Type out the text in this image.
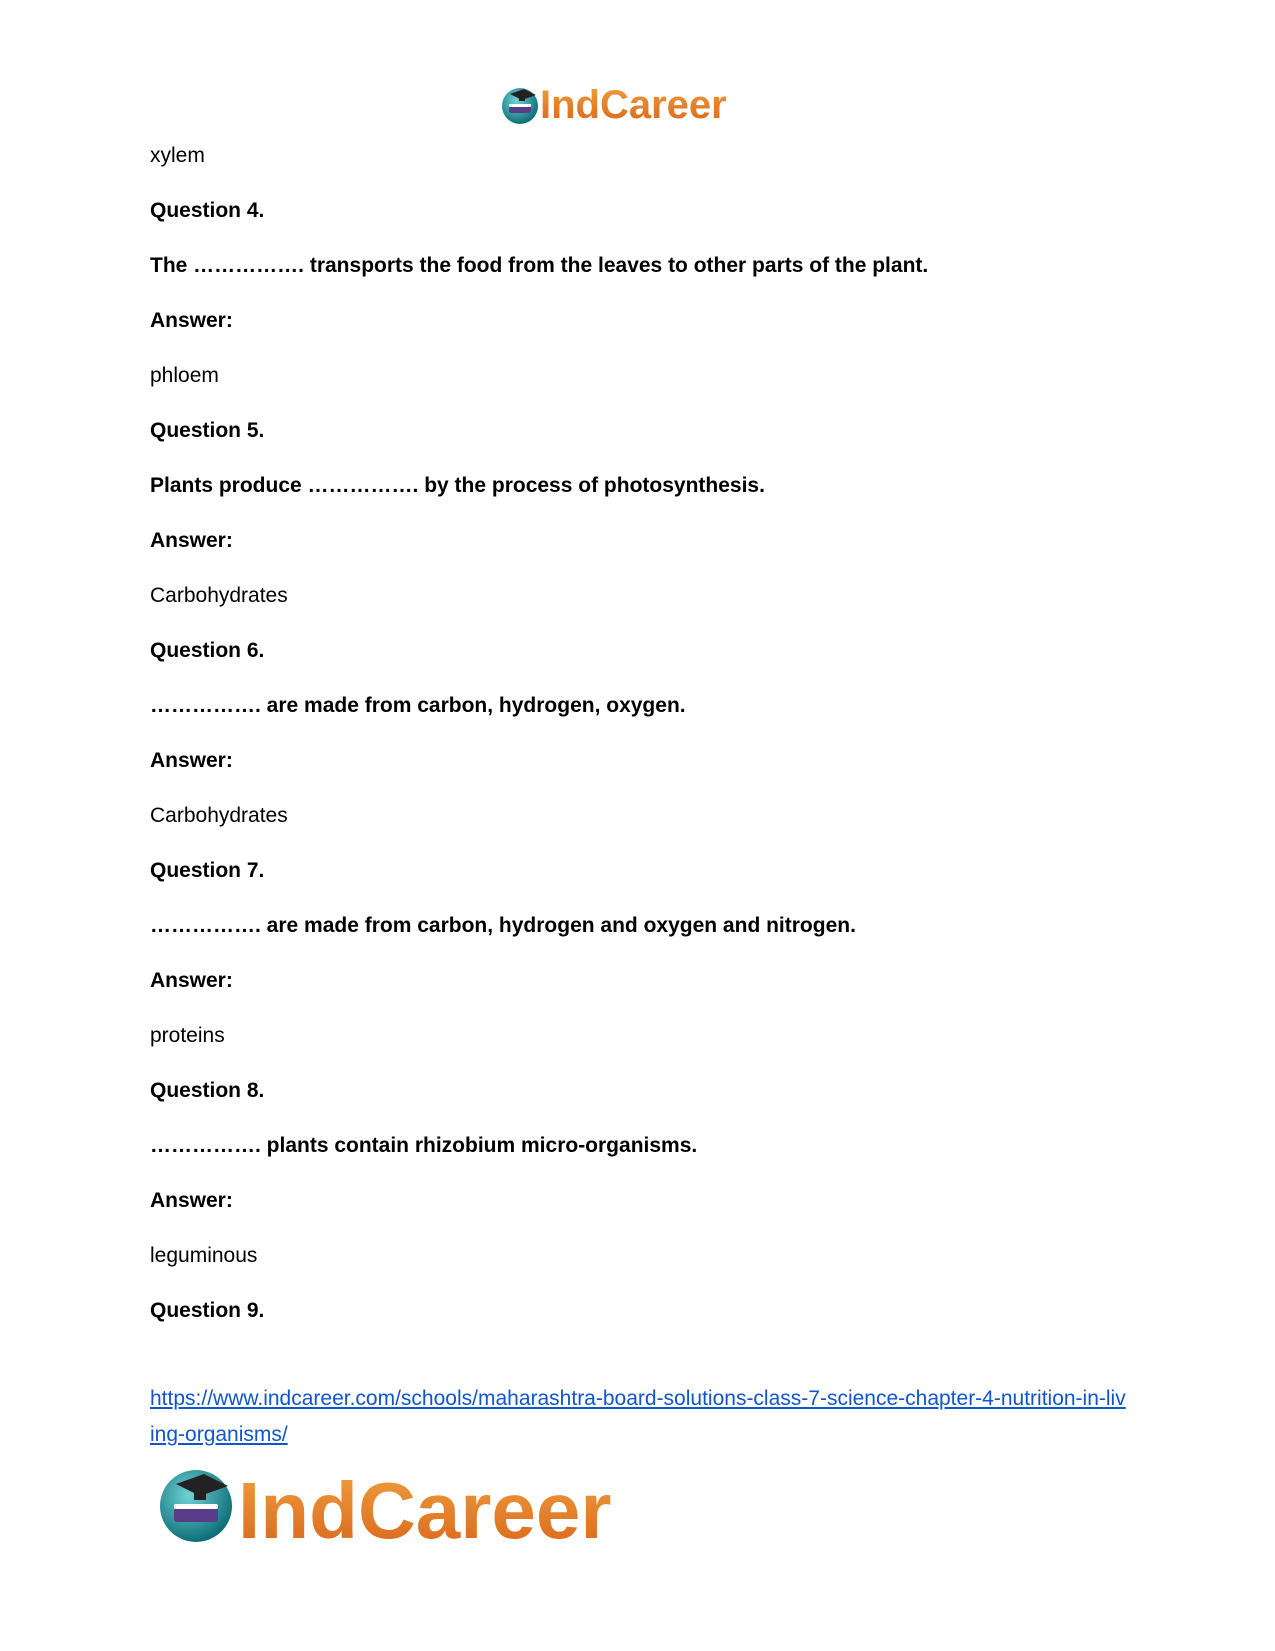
IndCareer
xylem
Question 4.
The ……………. transports the food from the leaves to other parts of the plant.
Answer:
phloem
Question 5.
Plants produce ……………. by the process of photosynthesis.
Answer:
Carbohydrates
Question 6.
……………. are made from carbon, hydrogen, oxygen.
Answer:
Carbohydrates
Question 7.
……………. are made from carbon, hydrogen and oxygen and nitrogen.
Answer:
proteins
Question 8.
……………. plants contain rhizobium micro-organisms.
Answer:
leguminous
Question 9.
https://www.indcareer.com/schools/maharashtra-board-solutions-class-7-science-chapter-4-nutrition-in-living-organisms/
IndCareer
